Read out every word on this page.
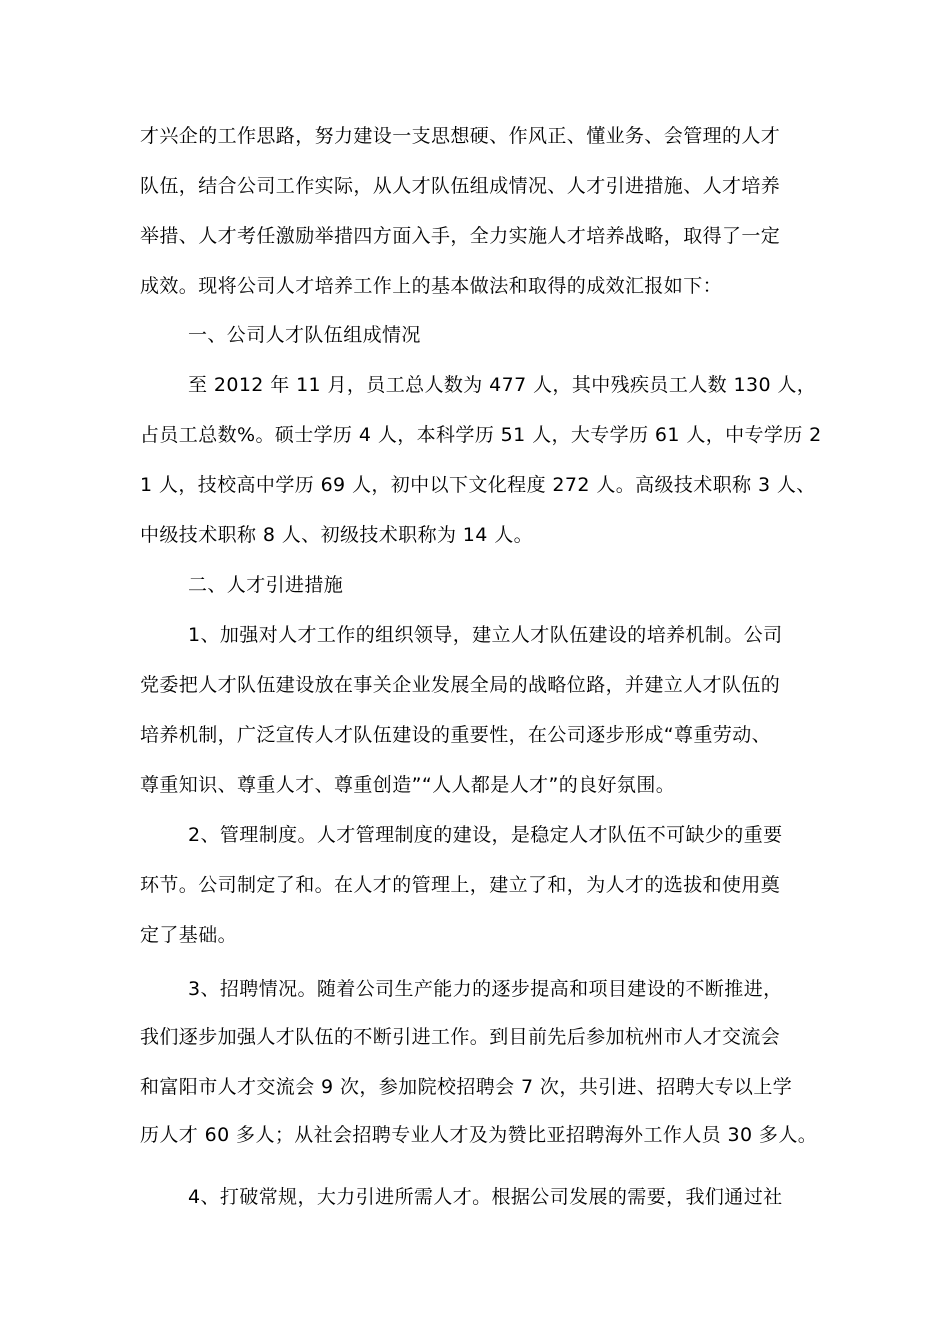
才兴企的工作思路，努力建设一支思想硬、作风正、懂业务、会管理的人才
队伍，结合公司工作实际，从人才队伍组成情况、人才引进措施、人才培养
举措、人才考任激励举措四方面入手，全力实施人才培养战略，取得了一定
成效。现将公司人才培养工作上的基本做法和取得的成效汇报如下：
一、公司人才队伍组成情况
至 2012 年 11 月，员工总人数为 477 人，其中残疾员工人数 130 人，
占员工总数%。硕士学历 4 人，本科学历 51 人，大专学历 61 人，中专学历 2
1 人，技校高中学历 69 人，初中以下文化程度 272 人。高级技术职称 3 人、
中级技术职称 8 人、初级技术职称为 14 人。
二、人才引进措施
1、加强对人才工作的组织领导，建立人才队伍建设的培养机制。公司
党委把人才队伍建设放在事关企业发展全局的战略位路，并建立人才队伍的
培养机制，广泛宣传人才队伍建设的重要性，在公司逐步形成“尊重劳动、
尊重知识、尊重人才、尊重创造”“人人都是人才”的良好氛围。
2、管理制度。人才管理制度的建设，是稳定人才队伍不可缺少的重要
环节。公司制定了和。在人才的管理上，建立了和，为人才的选拔和使用奠
定了基础。
3、招聘情况。随着公司生产能力的逐步提高和项目建设的不断推进，
我们逐步加强人才队伍的不断引进工作。到目前先后参加杭州市人才交流会
和富阳市人才交流会 9 次，参加院校招聘会 7 次，共引进、招聘大专以上学
历人才 60 多人；从社会招聘专业人才及为赞比亚招聘海外工作人员 30 多人。
4、打破常规，大力引进所需人才。根据公司发展的需要，我们通过社
